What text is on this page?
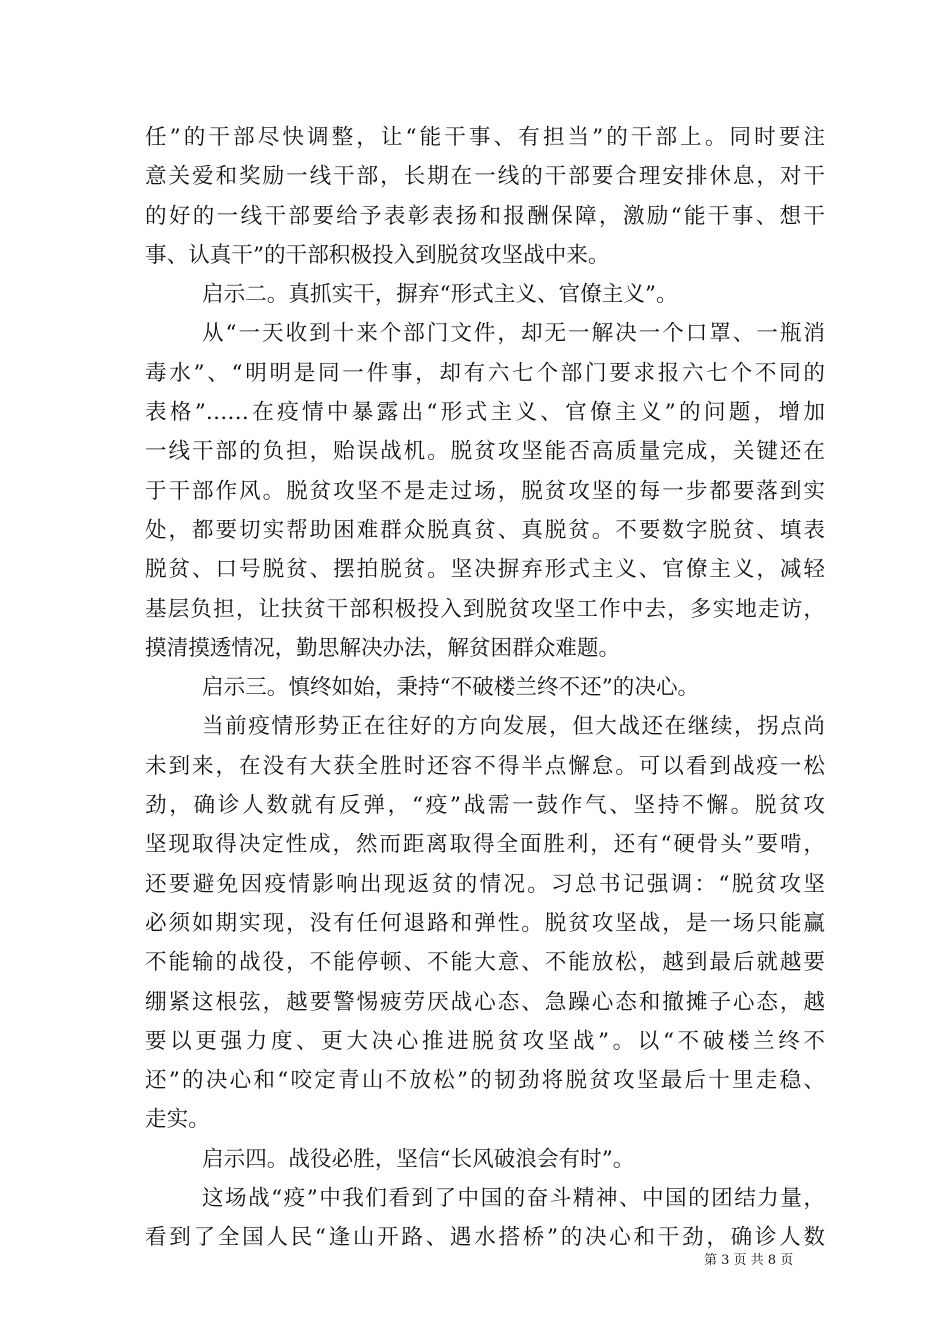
任”的干部尽快调整，让“能干事、有担当”的干部上。同时要注
意关爱和奖励一线干部，长期在一线的干部要合理安排休息，对干
的好的一线干部要给予表彰表扬和报酬保障，激励“能干事、想干
事、认真干”的干部积极投入到脱贫攻坚战中来。
启示二。真抓实干，摒弃“形式主义、官僚主义”。
从“一天收到十来个部门文件，却无一解决一个口罩、一瓶消
毒水”、“明明是同一件事，却有六七个部门要求报六七个不同的
表格”……在疫情中暴露出“形式主义、官僚主义”的问题，增加
一线干部的负担，贻误战机。脱贫攻坚能否高质量完成，关键还在
于干部作风。脱贫攻坚不是走过场，脱贫攻坚的每一步都要落到实
处，都要切实帮助困难群众脱真贫、真脱贫。不要数字脱贫、填表
脱贫、口号脱贫、摆拍脱贫。坚决摒弃形式主义、官僚主义，减轻
基层负担，让扶贫干部积极投入到脱贫攻坚工作中去，多实地走访，
摸清摸透情况，勤思解决办法，解贫困群众难题。
启示三。慎终如始，秉持“不破楼兰终不还”的决心。
当前疫情形势正在往好的方向发展，但大战还在继续，拐点尚
未到来，在没有大获全胜时还容不得半点懈怠。可以看到战疫一松
劲，确诊人数就有反弹，“疫”战需一鼓作气、坚持不懈。脱贫攻
坚现取得决定性成，然而距离取得全面胜利，还有“硬骨头”要啃，
还要避免因疫情影响出现返贫的情况。习总书记强调：“脱贫攻坚
必须如期实现，没有任何退路和弹性。脱贫攻坚战，是一场只能赢
不能输的战役，不能停顿、不能大意、不能放松，越到最后就越要
绷紧这根弦，越要警惕疲劳厌战心态、急躁心态和撤摊子心态，越
要以更强力度、更大决心推进脱贫攻坚战”。以“不破楼兰终不
还”的决心和“咬定青山不放松”的韧劲将脱贫攻坚最后十里走稳、
走实。
启示四。战役必胜，坚信“长风破浪会有时”。
这场战“疫”中我们看到了中国的奋斗精神、中国的团结力量，
看到了全国人民“逢山开路、遇水搭桥”的决心和干劲，确诊人数
第 3 页 共 8 页
